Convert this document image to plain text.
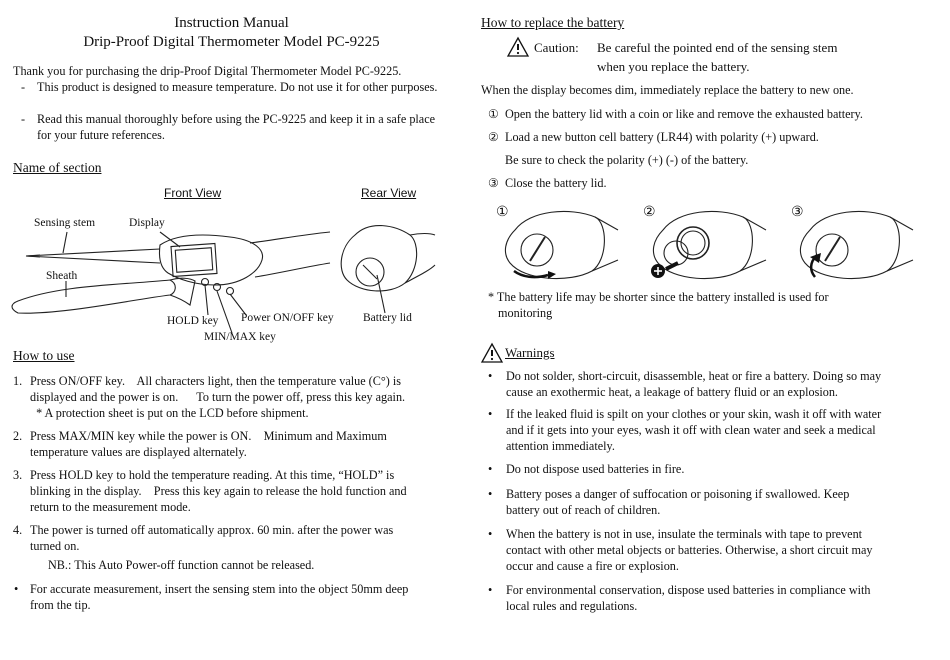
Instruction Manual
Drip-Proof Digital Thermometer Model PC-9225
Thank you for purchasing the drip-Proof Digital Thermometer Model PC-9225.
- This product is designed to measure temperature. Do not use it for other purposes.
- Read this manual thoroughly before using the PC-9225 and keep it in a safe place for your future references.
Name of section
Front View	Rear View
Sensing stem	Display
Sheath
HOLD key Power ON/OFF key
MIN/MAX key
Battery lid
How to use
1. Press ON/OFF key.    All characters light, then the temperature value (C°) is
displayed and the power is on.      To turn the power off, press this key again.
* A protection sheet is put on the LCD before shipment.
2. Press MAX/MIN key while the power is ON.    Minimum and Maximum
temperature values are displayed alternately.
3. Press HOLD key to hold the temperature reading. At this time, “HOLD” is
blinking in the display.    Press this key again to release the hold function and
return to the measurement mode.
4. The power is turned off automatically approx. 60 min. after the power was
turned on.
NB.: This Auto Power-off function cannot be released.
• For accurate measurement, insert the sensing stem into the object 50mm deep
from the tip.
How to replace the battery
Caution: Be careful the pointed end of the sensing stem
when you replace the battery.
When the display becomes dim, immediately replace the battery to new one.
① Open the battery lid with a coin or like and remove the exhausted battery.
② Load a new button cell battery (LR44) with polarity (+) upward.
Be sure to check the polarity (+) (-) of the battery.
③ Close the battery lid.
①	②	③
* The battery life may be shorter since the battery installed is used for
monitoring
Warnings
• Do not solder, short-circuit, disassemble, heat or fire a battery. Doing so may
cause an exothermic heat, a leakage of battery fluid or an explosion.
• If the leaked fluid is spilt on your clothes or your skin, wash it off with water
and if it gets into your eyes, wash it off with clean water and seek a medical
attention immediately.
• Do not dispose used batteries in fire.
• Battery poses a danger of suffocation or poisoning if swallowed. Keep
battery out of reach of children.
• When the battery is not in use, insulate the terminals with tape to prevent
contact with other metal objects or batteries. Otherwise, a short circuit may
occur and cause a fire or explosion.
• For environmental conservation, dispose used batteries in compliance with
local rules and regulations.
